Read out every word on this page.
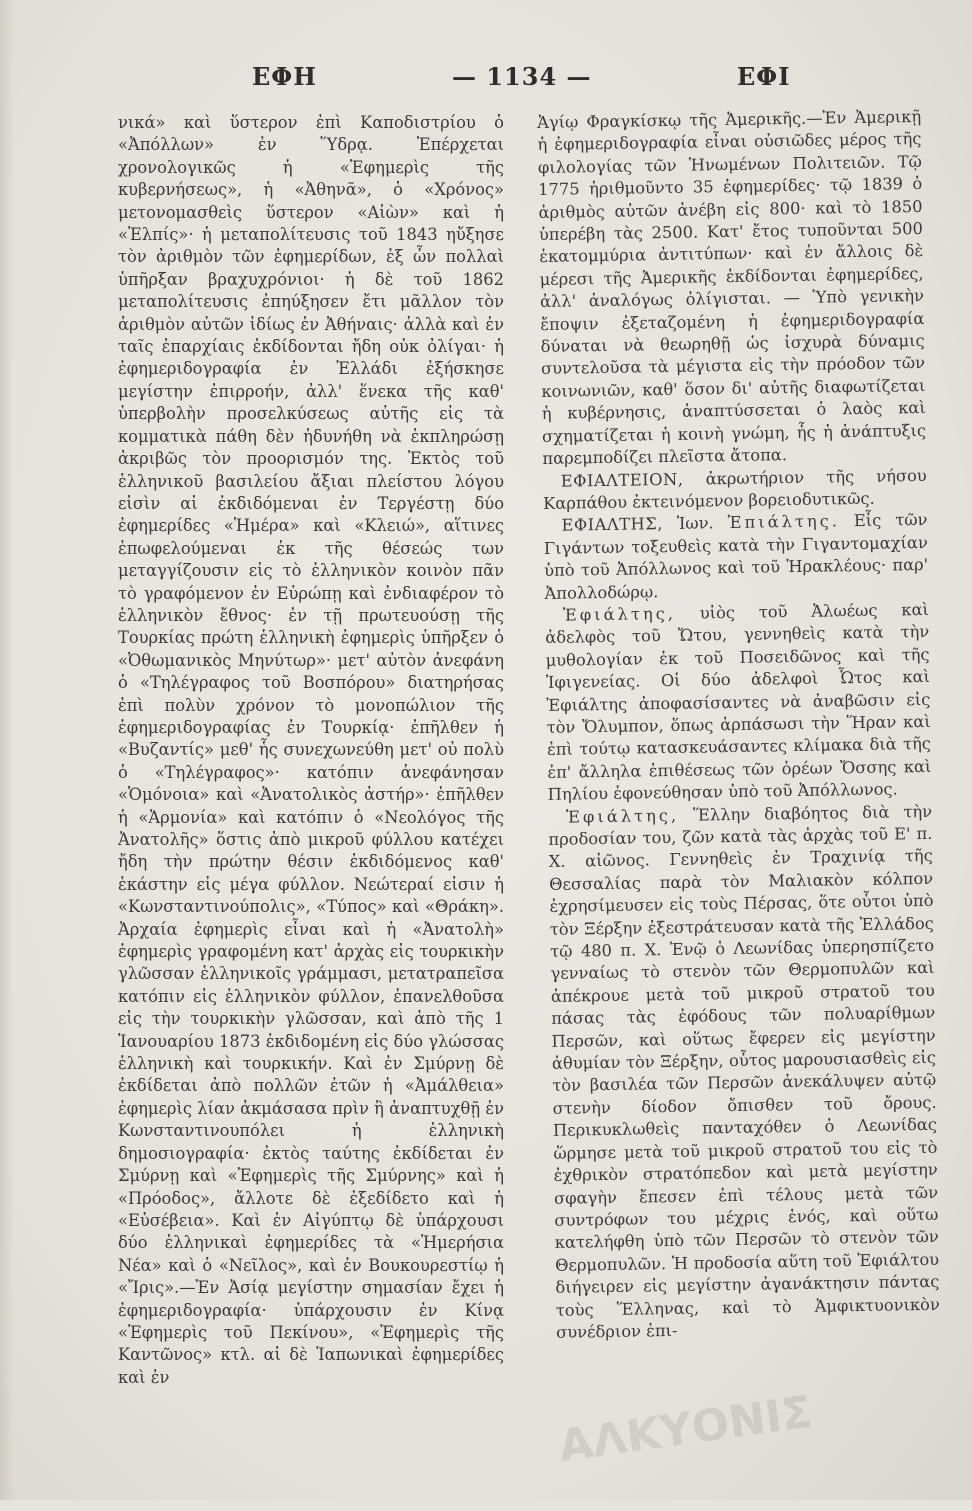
ΕΦΗ	— 1134 —	ΕΦΙ

νικά» καὶ ὕστερον ἐπὶ Καποδιστρίου ὁ «Ἀπόλλων» ἐν Ὕδρᾳ. Ἐπέρχεται χρονολογικῶς ἡ «Ἐφημερὶς τῆς κυβερνήσεως», ἡ «Ἀθηνᾶ», ὁ «Χρόνος» μετονομασθεὶς ὕστερον «Αἰὼν» καὶ ἡ «Ἐλπίς»· ἡ μεταπολίτευσις τοῦ 1843 ηὔξησε τὸν ἀριθμὸν τῶν ἐφημερίδων, ἐξ ὧν πολλαὶ ὑπῆρξαν βραχυχρόνιοι· ἡ δὲ τοῦ 1862 μεταπολίτευσις ἐπηύξησεν ἔτι μᾶλλον τὸν ἀριθμὸν αὐτῶν ἰδίως ἐν Ἀθήναις· ἀλλὰ καὶ ἐν ταῖς ἐπαρχίαις ἐκδίδονται ἤδη οὐκ ὀλίγαι· ἡ ἐφημεριδογραφία ἐν Ἑλλάδι ἐξήσκησε μεγίστην ἐπιρροήν, ἀλλ' ἕνεκα τῆς καθ' ὑπερβολὴν προσελκύσεως αὐτῆς εἰς τὰ κομματικὰ πάθη δὲν ἠδυνήθη νὰ ἐκπληρώσῃ ἀκριβῶς τὸν προορισμόν της. Ἐκτὸς τοῦ ἑλληνικοῦ βασιλείου ἄξιαι πλείστου λόγου εἰσὶν αἱ ἐκδιδόμεναι ἐν Τεργέστῃ δύο ἐφημερίδες «Ἡμέρα» καὶ «Κλειώ», αἵτινες ἐπωφελούμεναι ἐκ τῆς θέσεώς των μεταγγίζουσιν εἰς τὸ ἑλληνικὸν κοινὸν πᾶν τὸ γραφόμενον ἐν Εὐρώπῃ καὶ ἐνδιαφέρον τὸ ἑλληνικὸν ἔθνος· ἐν τῇ πρωτευούσῃ τῆς Τουρκίας πρώτη ἑλληνικὴ ἐφημερὶς ὑπῆρξεν ὁ «Ὀθωμανικὸς Μηνύτωρ»· μετ' αὐτὸν ἀνεφάνη ὁ «Τηλέγραφος τοῦ Βοσπόρου» διατηρήσας ἐπὶ πολὺν χρόνον τὸ μονοπώλιον τῆς ἐφημεριδογραφίας ἐν Τουρκίᾳ· ἐπῆλθεν ἡ «Βυζαντίς» μεθ' ἧς συνεχωνεύθη μετ' οὐ πολὺ ὁ «Τηλέγραφος»· κατόπιν ἀνεφάνησαν «Ὁμόνοια» καὶ «Ἀνατολικὸς ἀστήρ»· ἐπῆλθεν ἡ «Ἁρμονία» καὶ κατόπιν ὁ «Νεολόγος τῆς Ἀνατολῆς» ὅστις ἀπὸ μικροῦ φύλλου κατέχει ἤδη τὴν πρώτην θέσιν ἐκδιδόμενος καθ' ἑκάστην εἰς μέγα φύλλον. Νεώτεραί εἰσιν ἡ «Κωνσταντινούπολις», «Τύπος» καὶ «Θράκη». Ἀρχαία ἐφημερὶς εἶναι καὶ ἡ «Ἀνατολὴ» ἐφημερὶς γραφομένη κατ' ἀρχὰς εἰς τουρκικὴν γλῶσσαν ἑλληνικοῖς γράμμασι, μετατραπεῖσα κατόπιν εἰς ἑλληνικὸν φύλλον, ἐπανελθοῦσα εἰς τὴν τουρκικὴν γλῶσσαν, καὶ ἀπὸ τῆς 1 Ἰανουαρίου 1873 ἐκδιδομένη εἰς δύο γλώσσας ἑλληνικὴ καὶ τουρκικήν. Καὶ ἐν Σμύρνῃ δὲ ἐκδίδεται ἀπὸ πολλῶν ἐτῶν ἡ «Ἀμάλθεια» ἐφημερὶς λίαν ἀκμάσασα πρὶν ἢ ἀναπτυχθῇ ἐν Κωνσταντινουπόλει ἡ ἑλληνικὴ δημοσιογραφία· ἐκτὸς ταύτης ἐκδίδεται ἐν Σμύρνῃ καὶ «Ἐφημερὶς τῆς Σμύρνης» καὶ ἡ «Πρόοδος», ἄλλοτε δὲ ἐξεδίδετο καὶ ἡ «Εὐσέβεια». Καὶ ἐν Αἰγύπτῳ δὲ ὑπάρχουσι δύο ἑλληνικαὶ ἐφημερίδες τὰ «Ἡμερήσια Νέα» καὶ ὁ «Νεῖλος», καὶ ἐν Βουκουρεστίῳ ἡ «Ἴρις».—Ἐν Ἀσίᾳ μεγίστην σημασίαν ἔχει ἡ ἐφημεριδογραφία· ὑπάρχουσιν ἐν Κίνᾳ «Ἐφημερὶς τοῦ Πεκίνου», «Ἐφημερὶς τῆς Καντῶνος» κτλ. αἱ δὲ Ἰαπωνικαὶ ἐφημερίδες καὶ ἐν

Ἁγίῳ Φραγκίσκῳ τῆς Ἀμερικῆς.—Ἐν Ἀμερικῇ ἡ ἐφημεριδογραφία εἶναι οὐσιῶδες μέρος τῆς φιλολογίας τῶν Ἡνωμένων Πολιτειῶν. Τῷ 1775 ἠριθμοῦντο 35 ἐφημερίδες· τῷ 1839 ὁ ἀριθμὸς αὐτῶν ἀνέβη εἰς 800· καὶ τὸ 1850 ὑπερέβη τὰς 2500. Κατ' ἔτος τυποῦνται 500 ἑκατομμύρια ἀντιτύπων· καὶ ἐν ἄλλοις δὲ μέρεσι τῆς Ἀμερικῆς ἐκδίδονται ἐφημερίδες, ἀλλ' ἀναλόγως ὀλίγισται. — Ὑπὸ γενικὴν ἔποψιν ἐξεταζομένη ἡ ἐφημεριδογραφία δύναται νὰ θεωρηθῇ ὡς ἰσχυρὰ δύναμις συντελοῦσα τὰ μέγιστα εἰς τὴν πρόοδον τῶν κοινωνιῶν, καθ' ὅσον δι' αὐτῆς διαφωτίζεται ἡ κυβέρνησις, ἀναπτύσσεται ὁ λαὸς καὶ σχηματίζεται ἡ κοινὴ γνώμη, ἧς ἡ ἀνάπτυξις παρεμποδίζει πλεῖστα ἄτοπα.

ΕΦΙΑΛΤΕΙΟΝ, ἀκρωτήριον τῆς νήσου Καρπάθου ἐκτεινόμενον βορειοδυτικῶς.

ΕΦΙΑΛΤΗΣ, Ἰων. Ἐπιάλτης. Εἷς τῶν Γιγάντων τοξευθεὶς κατὰ τὴν Γιγαντομαχίαν ὑπὸ τοῦ Ἀπόλλωνος καὶ τοῦ Ἡρακλέους· παρ' Ἀπολλοδώρῳ.

Ἐφιάλτης, υἱὸς τοῦ Ἀλωέως καὶ ἀδελφὸς τοῦ Ὤτου, γεννηθεὶς κατὰ τὴν μυθολογίαν ἐκ τοῦ Ποσειδῶνος καὶ τῆς Ἰφιγενείας. Οἱ δύο ἀδελφοὶ Ὦτος καὶ Ἐφιάλτης ἀποφασίσαντες νὰ ἀναβῶσιν εἰς τὸν Ὄλυμπον, ὅπως ἁρπάσωσι τὴν Ἥραν καὶ ἐπὶ τούτῳ κατασκευάσαντες κλίμακα διὰ τῆς ἐπ' ἄλληλα ἐπιθέσεως τῶν ὀρέων Ὄσσης καὶ Πηλίου ἐφονεύθησαν ὑπὸ τοῦ Ἀπόλλωνος.

Ἐφιάλτης, Ἕλλην διαβόητος διὰ τὴν προδοσίαν του, ζῶν κατὰ τὰς ἀρχὰς τοῦ Ε' π. Χ. αἰῶνος. Γεννηθεὶς ἐν Τραχινίᾳ τῆς Θεσσαλίας παρὰ τὸν Μαλιακὸν κόλπον ἐχρησίμευσεν εἰς τοὺς Πέρσας, ὅτε οὗτοι ὑπὸ τὸν Ξέρξην ἐξεστράτευσαν κατὰ τῆς Ἑλλάδος τῷ 480 π. Χ. Ἐνῷ ὁ Λεωνίδας ὑπερησπίζετο γενναίως τὸ στενὸν τῶν Θερμοπυλῶν καὶ ἀπέκρουε μετὰ τοῦ μικροῦ στρατοῦ του πάσας τὰς ἐφόδους τῶν πολυαρίθμων Περσῶν, καὶ οὕτως ἔφερεν εἰς μεγίστην ἀθυμίαν τὸν Ξέρξην, οὗτος μαρουσιασθεὶς εἰς τὸν βασιλέα τῶν Περσῶν ἀνεκάλυψεν αὐτῷ στενὴν δίοδον ὄπισθεν τοῦ ὄρους. Περικυκλωθεὶς πανταχόθεν ὁ Λεωνίδας ὥρμησε μετὰ τοῦ μικροῦ στρατοῦ του εἰς τὸ ἐχθρικὸν στρατόπεδον καὶ μετὰ μεγίστην σφαγὴν ἔπεσεν ἐπὶ τέλους μετὰ τῶν συντρόφων του μέχρις ἑνός, καὶ οὕτω κατελήφθη ὑπὸ τῶν Περσῶν τὸ στενὸν τῶν Θερμοπυλῶν. Ἡ προδοσία αὕτη τοῦ Ἐφιάλτου διήγειρεν εἰς μεγίστην ἀγανάκτησιν πάντας τοὺς Ἕλληνας, καὶ τὸ Ἀμφικτυονικὸν συνέδριον ἐπι-

ΑΛΚΥΟΝΙΣ
